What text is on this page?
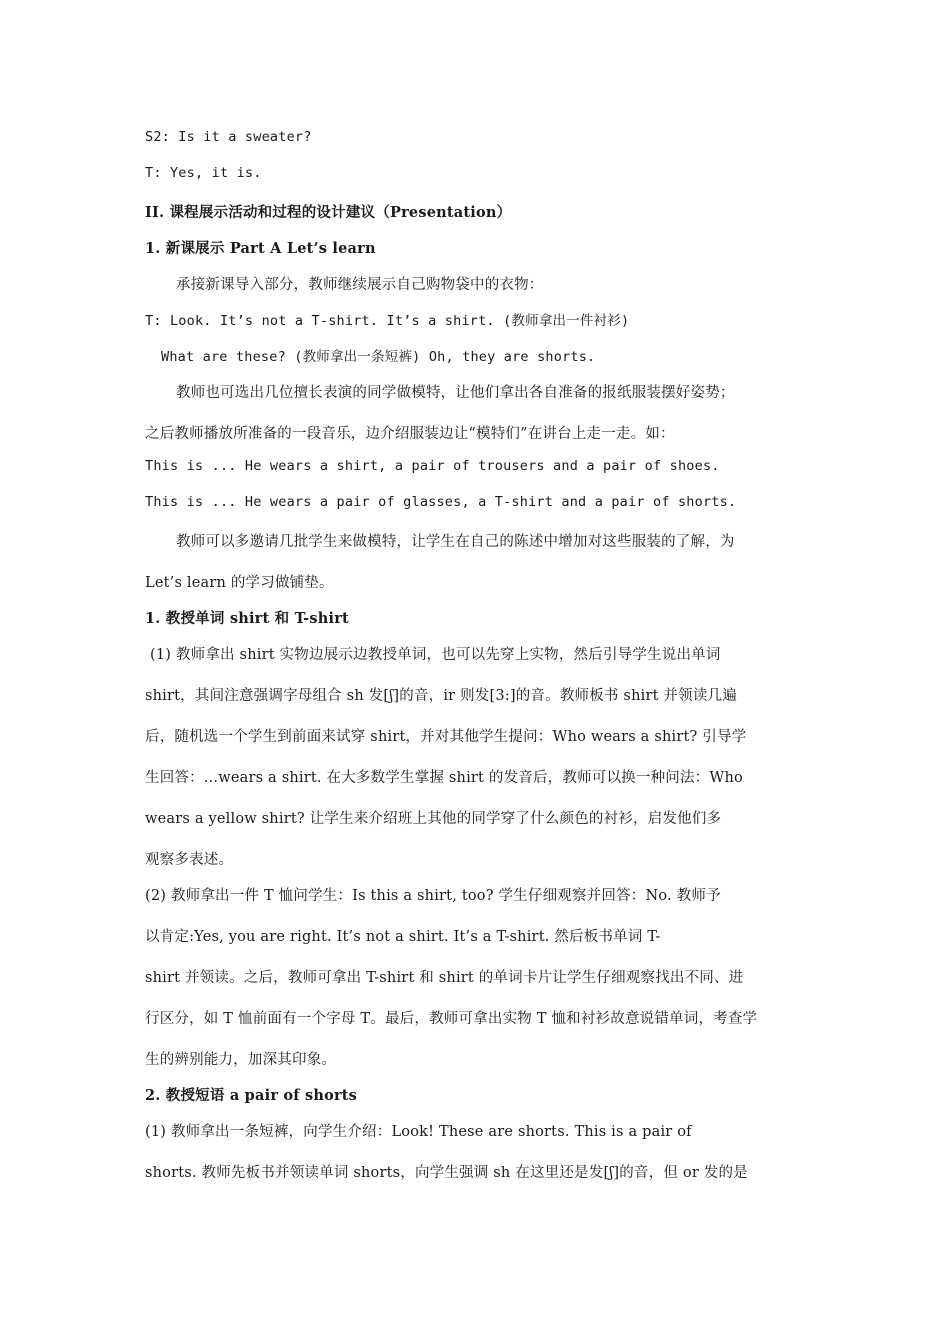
S2: Is it a sweater?
T: Yes, it is.
II. 课程展示活动和过程的设计建议（Presentation）
1. 新课展示 Part A Let’s learn
承接新课导入部分，教师继续展示自己购物袋中的衣物：
T: Look. It’s not a T-shirt. It’s a shirt. (教师拿出一件衬衫)
What are these? (教师拿出一条短裤) Oh, they are shorts.
教师也可选出几位擅长表演的同学做模特，让他们拿出各自准备的报纸服装摆好姿势；
之后教师播放所准备的一段音乐，边介绍服装边让“模特们”在讲台上走一走。如：
This is ... He wears a shirt, a pair of trousers and a pair of shoes.
This is ... He wears a pair of glasses, a T-shirt and a pair of shorts.
教师可以多邀请几批学生来做模特，让学生在自己的陈述中增加对这些服装的了解，为
Let’s learn 的学习做铺垫。
1. 教授单词 shirt 和 T-shirt
(1) 教师拿出 shirt 实物边展示边教授单词，也可以先穿上实物，然后引导学生说出单词
shirt，其间注意强调字母组合 sh 发[ʃ]的音，ir 则发[3:]的音。教师板书 shirt 并领读几遍
后，随机选一个学生到前面来试穿 shirt，并对其他学生提问：Who wears a shirt? 引导学
生回答：...wears a shirt. 在大多数学生掌握 shirt 的发音后，教师可以换一种问法：Who
wears a yellow shirt? 让学生来介绍班上其他的同学穿了什么颜色的衬衫，启发他们多
观察多表述。
(2) 教师拿出一件 T 恤问学生：Is this a shirt, too? 学生仔细观察并回答：No. 教师予
以肯定:Yes, you are right. It’s not a shirt. It’s a T-shirt. 然后板书单词 T-
shirt 并领读。之后，教师可拿出 T-shirt 和 shirt 的单词卡片让学生仔细观察找出不同、进
行区分，如 T 恤前面有一个字母 T。最后，教师可拿出实物 T 恤和衬衫故意说错单词，考查学
生的辨别能力，加深其印象。
2. 教授短语 a pair of shorts
(1) 教师拿出一条短裤，向学生介绍：Look! These are shorts. This is a pair of
shorts. 教师先板书并领读单词 shorts，向学生强调 sh 在这里还是发[ʃ]的音，但 or 发的是
